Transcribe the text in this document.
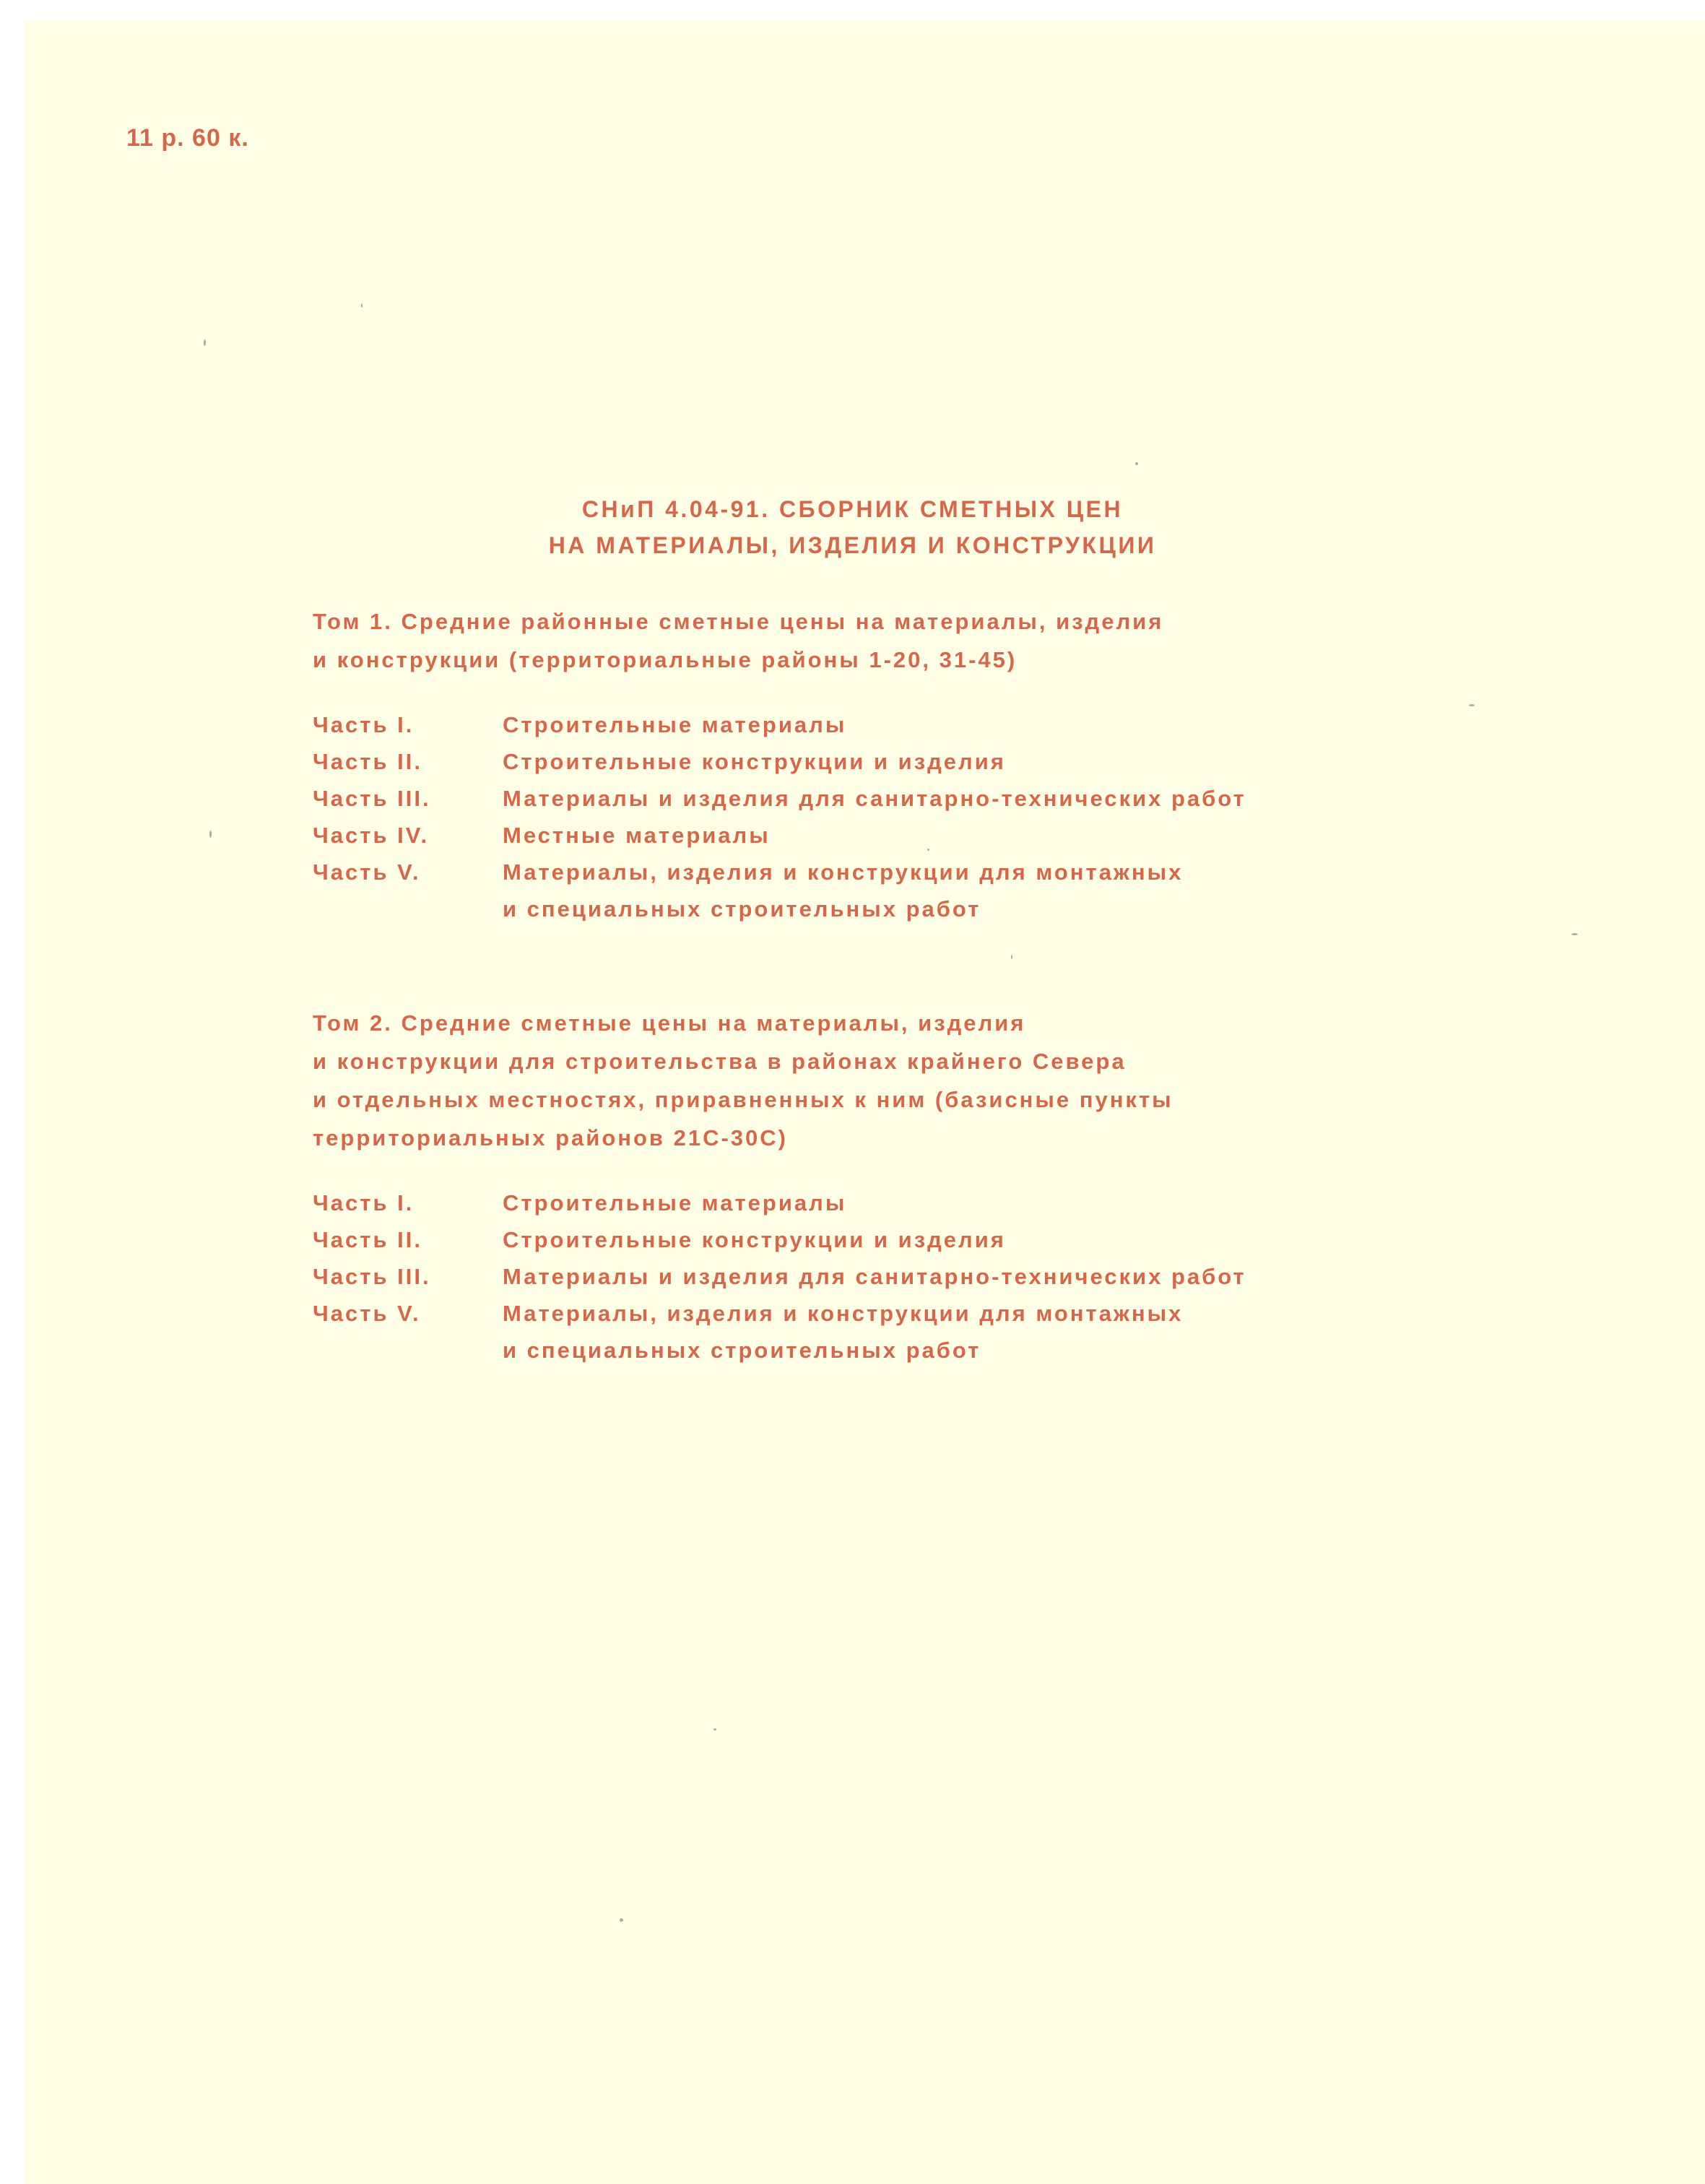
11 р. 60 к.
СНиП 4.04-91. СБОРНИК СМЕТНЫХ ЦЕН
НА МАТЕРИАЛЫ, ИЗДЕЛИЯ И КОНСТРУКЦИИ
Том 1. Средние районные сметные цены на материалы, изделия
и конструкции (территориальные районы 1-20, 31-45)
Часть I.	Строительные материалы
Часть II.	Строительные конструкции и изделия
Часть III.	Материалы и изделия для санитарно-технических работ
Часть IV.	Местные материалы
Часть V.	Материалы, изделия и конструкции для монтажных
и специальных строительных работ
Том 2. Средние сметные цены на материалы, изделия
и конструкции для строительства в районах крайнего Севера
и отдельных местностях, приравненных к ним (базисные пункты
территориальных районов 21С-30С)
Часть I.	Строительные материалы
Часть II.	Строительные конструкции и изделия
Часть III.	Материалы и изделия для санитарно-технических работ
Часть V.	Материалы, изделия и конструкции для монтажных
и специальных строительных работ
